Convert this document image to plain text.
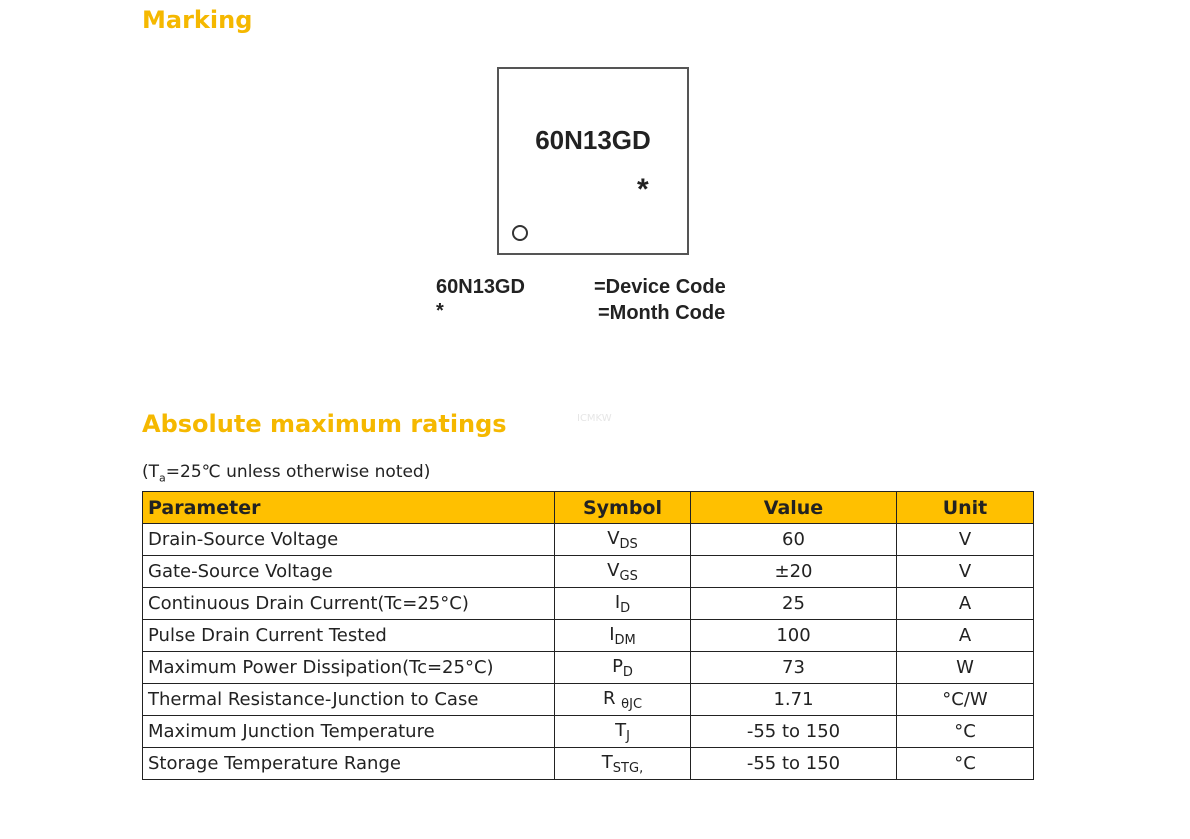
Marking
60N13GD
*
60N13GD
*
=Device Code
=Month Code
ICMKW
Absolute maximum ratings
($T_a=25℃$ unless otherwise noted)
Parameter	Symbol	Value	Unit
Drain-Source Voltage	$V_{DS}$	60	V
Gate-Source Voltage	$V_{GS}$	±20	V
Continuous Drain Current(Tc=25°C)	$I_D$	25	A
Pulse Drain Current Tested	$I_{DM}$	100	A
Maximum Power Dissipation(Tc=25°C)	$P_D$	73	W
Thermal Resistance-Junction to Case	R $_{\theta JC}$	1.71	°C/W
Maximum Junction Temperature	$T_J$	-55 to 150	°C
Storage Temperature Range	$T_{STG,}$	-55 to 150	°C
